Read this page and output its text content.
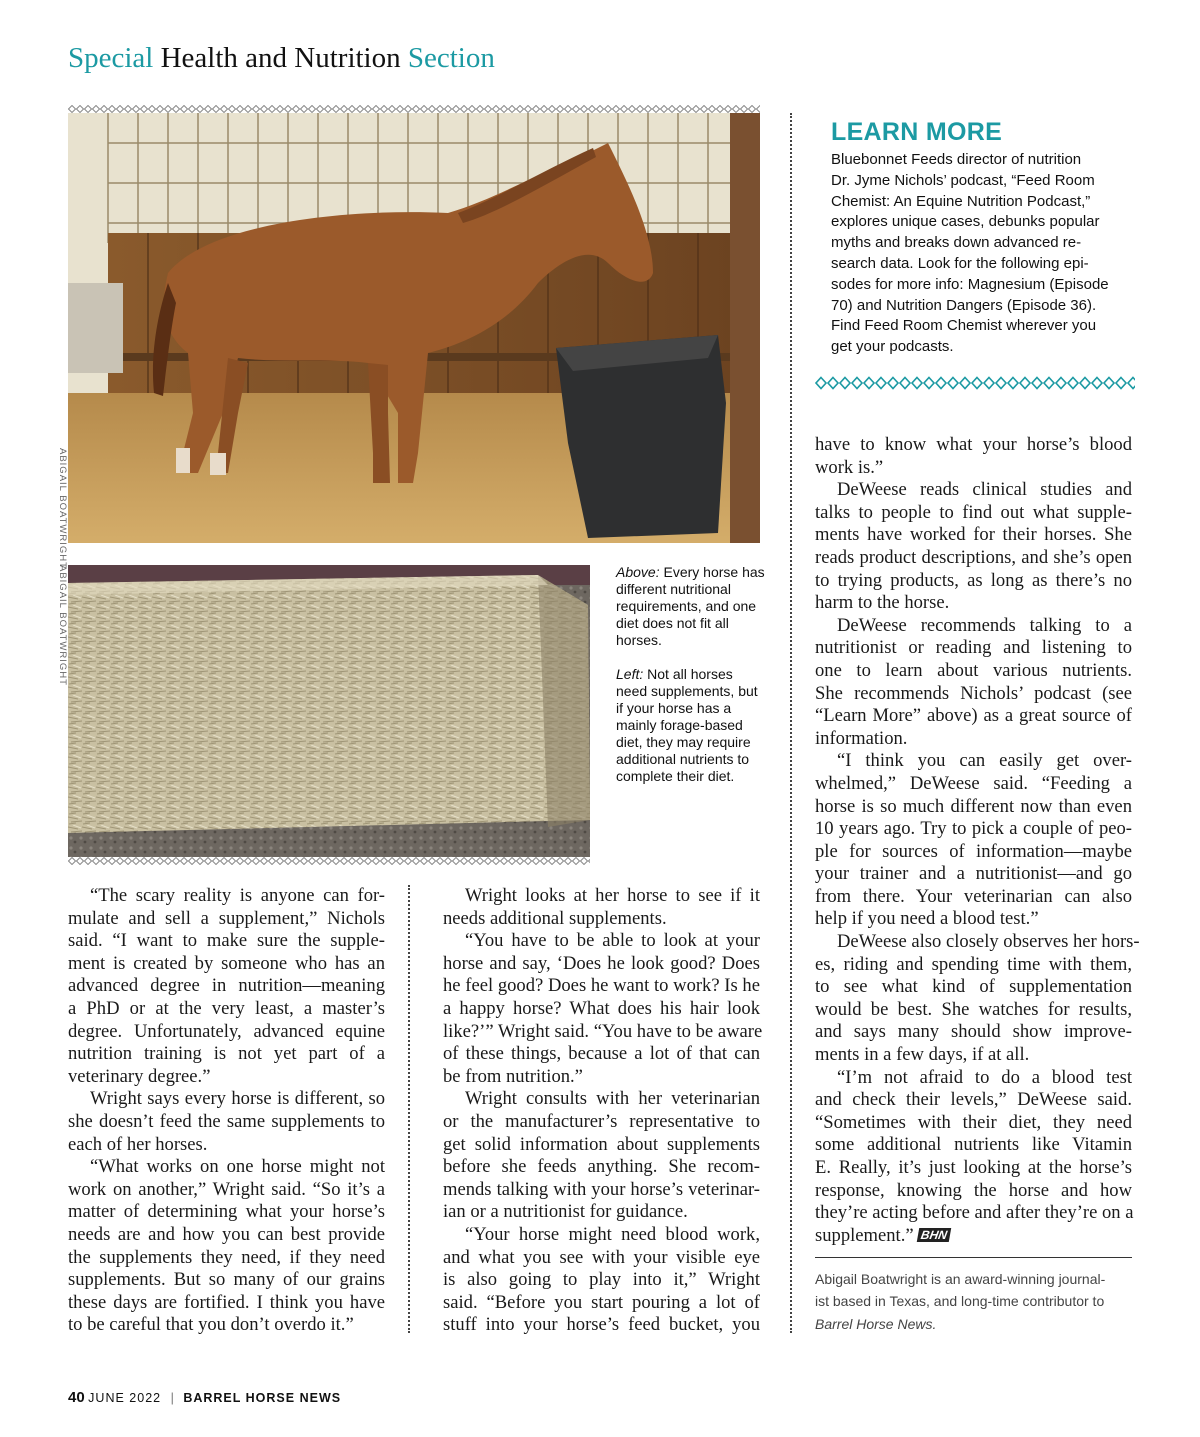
Special Health and Nutrition Section
ABIGAIL BOATWRIGHT
ABIGAIL BOATWRIGHT	Above: Every horse has different nutritional requirements, and one diet does not fit all horses.

Left: Not all horses need supplements, but if your horse has a mainly forage-based diet, they may require additional nutrients to complete their diet.

LEARN MORE
Bluebonnet Feeds director of nutrition
Dr. Jyme Nichols’ podcast, “Feed Room
Chemist: An Equine Nutrition Podcast,”
explores unique cases, debunks popular
myths and breaks down advanced re-
search data. Look for the following epi-
sodes for more info: Magnesium (Episode
70) and Nutrition Dangers (Episode 36).
Find Feed Room Chemist wherever you
get your podcasts.
“The scary reality is anyone can for-
mulate and sell a supplement,” Nichols
said. “I want to make sure the supple-
ment is created by someone who has an
advanced degree in nutrition—meaning
a PhD or at the very least, a master’s
degree. Unfortunately, advanced equine
nutrition training is not yet part of a
veterinary degree.”
Wright says every horse is different, so
she doesn’t feed the same supplements to
each of her horses.
“What works on one horse might not
work on another,” Wright said. “So it’s a
matter of determining what your horse’s
needs are and how you can best provide
the supplements they need, if they need
supplements. But so many of our grains
these days are fortified. I think you have
to be careful that you don’t overdo it.”
Wright looks at her horse to see if it
needs additional supplements.
“You have to be able to look at your
horse and say, ‘Does he look good? Does
he feel good? Does he want to work? Is he
a happy horse? What does his hair look
like?’” Wright said. “You have to be aware
of these things, because a lot of that can
be from nutrition.”
Wright consults with her veterinarian
or the manufacturer’s representative to
get solid information about supplements
before she feeds anything. She recom-
mends talking with your horse’s veterinar-
ian or a nutritionist for guidance.
“Your horse might need blood work,
and what you see with your visible eye
is also going to play into it,” Wright
said. “Before you start pouring a lot of
stuff into your horse’s feed bucket, you
have to know what your horse’s blood
work is.”
DeWeese reads clinical studies and
talks to people to find out what supple-
ments have worked for their horses. She
reads product descriptions, and she’s open
to trying products, as long as there’s no
harm to the horse.
DeWeese recommends talking to a
nutritionist or reading and listening to
one to learn about various nutrients.
She recommends Nichols’ podcast (see
“Learn More” above) as a great source of
information.
“I think you can easily get over-
whelmed,” DeWeese said. “Feeding a
horse is so much different now than even
10 years ago. Try to pick a couple of peo-
ple for sources of information—maybe
your trainer and a nutritionist—and go
from there. Your veterinarian can also
help if you need a blood test.”
DeWeese also closely observes her hors-
es, riding and spending time with them,
to see what kind of supplementation
would be best. She watches for results,
and says many should show improve-
ments in a few days, if at all.
“I’m not afraid to do a blood test
and check their levels,” DeWeese said.
“Sometimes with their diet, they need
some additional nutrients like Vitamin
E. Really, it’s just looking at the horse’s
response, knowing the horse and how
they’re acting before and after they’re on a
supplement.” BHN
Abigail Boatwright is an award-winning journal-
ist based in Texas, and long-time contributor to
Barrel Horse News.
40 JUNE 2022 | BARREL HORSE NEWS
